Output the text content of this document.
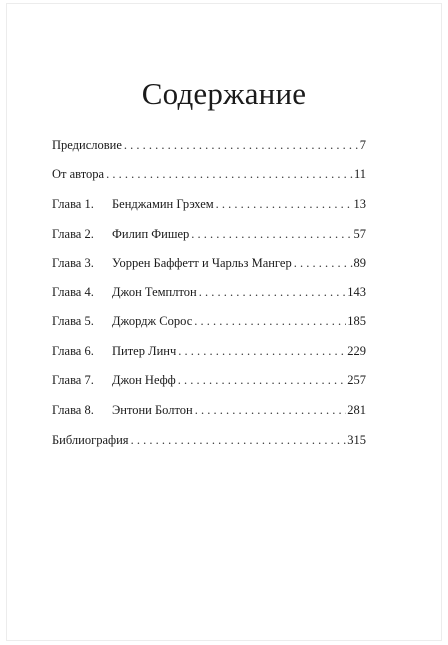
Содержание
Предисловие . . .	7
От автора . . .	11
Глава 1.	Бенджамин Грэхем . . .	13
Глава 2.	Филип Фишер . . .	57
Глава 3.	Уоррен Баффетт и Чарльз Мангер . . .	89
Глава 4.	Джон Темплтон . . .	143
Глава 5.	Джордж Сорос . . .	185
Глава 6.	Питер Линч . . .	229
Глава 7.	Джон Нефф . . .	257
Глава 8.	Энтони Болтон . . .	281
Библиография . . .	315
